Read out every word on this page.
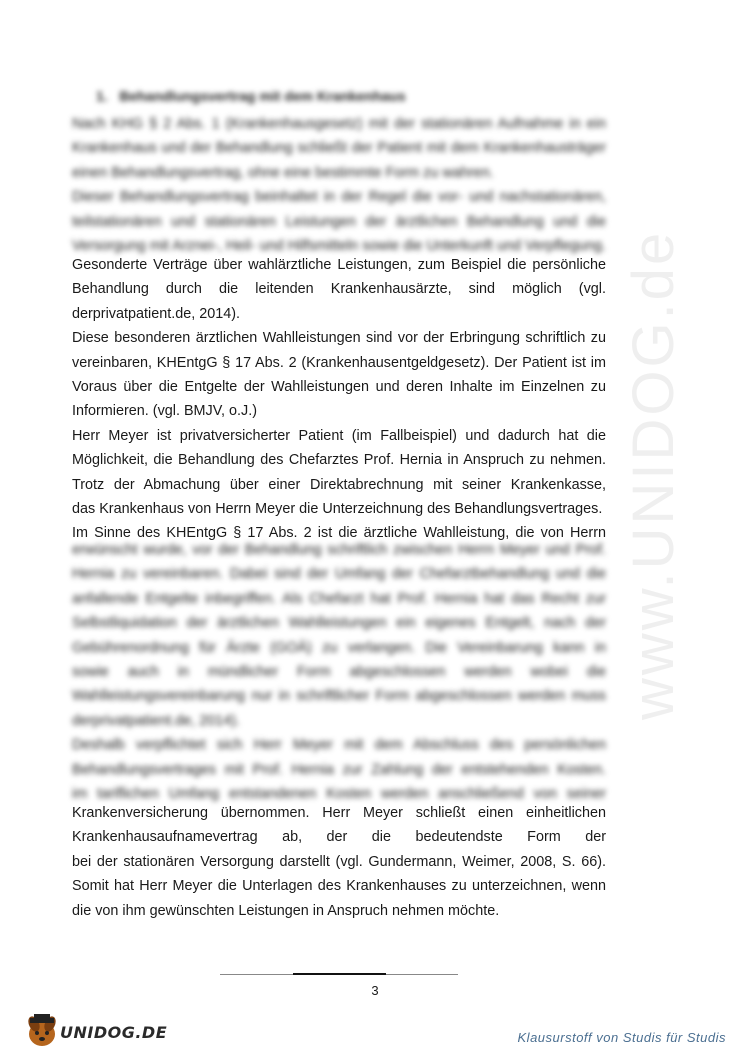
www.UNIDOG.de
1.   Behandlungsvertrag mit dem Krankenhaus
Nach KHG § 2 Abs. 1 (Krankenhausgesetz) mit der stationären Aufnahme in ein
Krankenhaus und der Behandlung schließt der Patient mit dem Krankenhausträger
einen Behandlungsvertrag, ohne eine bestimmte Form zu wahren.
Dieser Behandlungsvertrag beinhaltet in der Regel die vor- und nachstationären,
teilstationären und stationären Leistungen der ärztlichen Behandlung und die
Versorgung mit Arznei-, Heil- und Hilfsmitteln sowie die Unterkunft und Verpflegung.
Gesonderte Verträge über wahlärztliche Leistungen, zum Beispiel die persönliche
Behandlung durch die leitenden Krankenhausärzte, sind möglich (vgl.
derprivatpatient.de, 2014).
Diese besonderen ärztlichen Wahlleistungen sind vor der Erbringung schriftlich zu
vereinbaren, KHEntgG § 17 Abs. 2 (Krankenhausentgeldgesetz). Der Patient ist im
Voraus über die Entgelte der Wahlleistungen und deren Inhalte im Einzelnen zu
Informieren. (vgl. BMJV, o.J.)
Herr Meyer ist privatversicherter Patient (im Fallbeispiel) und dadurch hat die
Möglichkeit, die Behandlung des Chefarztes Prof. Hernia in Anspruch zu nehmen.
Trotz der Abmachung über einer Direktabrechnung mit seiner Krankenkasse,
das Krankenhaus von Herrn Meyer die Unterzeichnung des Behandlungsvertrages.
Im Sinne des KHEntgG § 17 Abs. 2 ist die ärztliche Wahlleistung, die von Herrn
erwünscht wurde, vor der Behandlung schriftlich zwischen Herrn Meyer und Prof.
Hernia zu vereinbaren. Dabei sind der Umfang der Chefarztbehandlung und die
anfallende Entgelte inbegriffen. Als Chefarzt hat Prof. Hernia hat das Recht zur
Selbstliquidation der ärztlichen Wahlleistungen ein eigenes Entgelt, nach der
Gebührenordnung für Ärzte (GOÄ) zu verlangen. Die Vereinbarung kann in
sowie auch in mündlicher Form abgeschlossen werden wobei die
Wahlleistungsvereinbarung nur in schriftlicher Form abgeschlossen werden muss
derprivatpatient.de, 2014).
Deshalb verpflichtet sich Herr Meyer mit dem Abschluss des persönlichen
Behandlungsvertrages mit Prof. Hernia zur Zahlung der entstehenden Kosten.
im tariflichen Umfang entstandenen Kosten werden anschließend von seiner
Krankenversicherung übernommen. Herr Meyer schließt einen einheitlichen
Krankenhausaufnamevertrag ab, der die bedeutendste Form der
bei der stationären Versorgung darstellt (vgl. Gundermann, Weimer, 2008, S. 66).
Somit hat Herr Meyer die Unterlagen des Krankenhauses zu unterzeichnen, wenn
die von ihm gewünschten Leistungen in Anspruch nehmen möchte.
3
UNIDOG.DE	Klausurstoff von Studis für Studis
